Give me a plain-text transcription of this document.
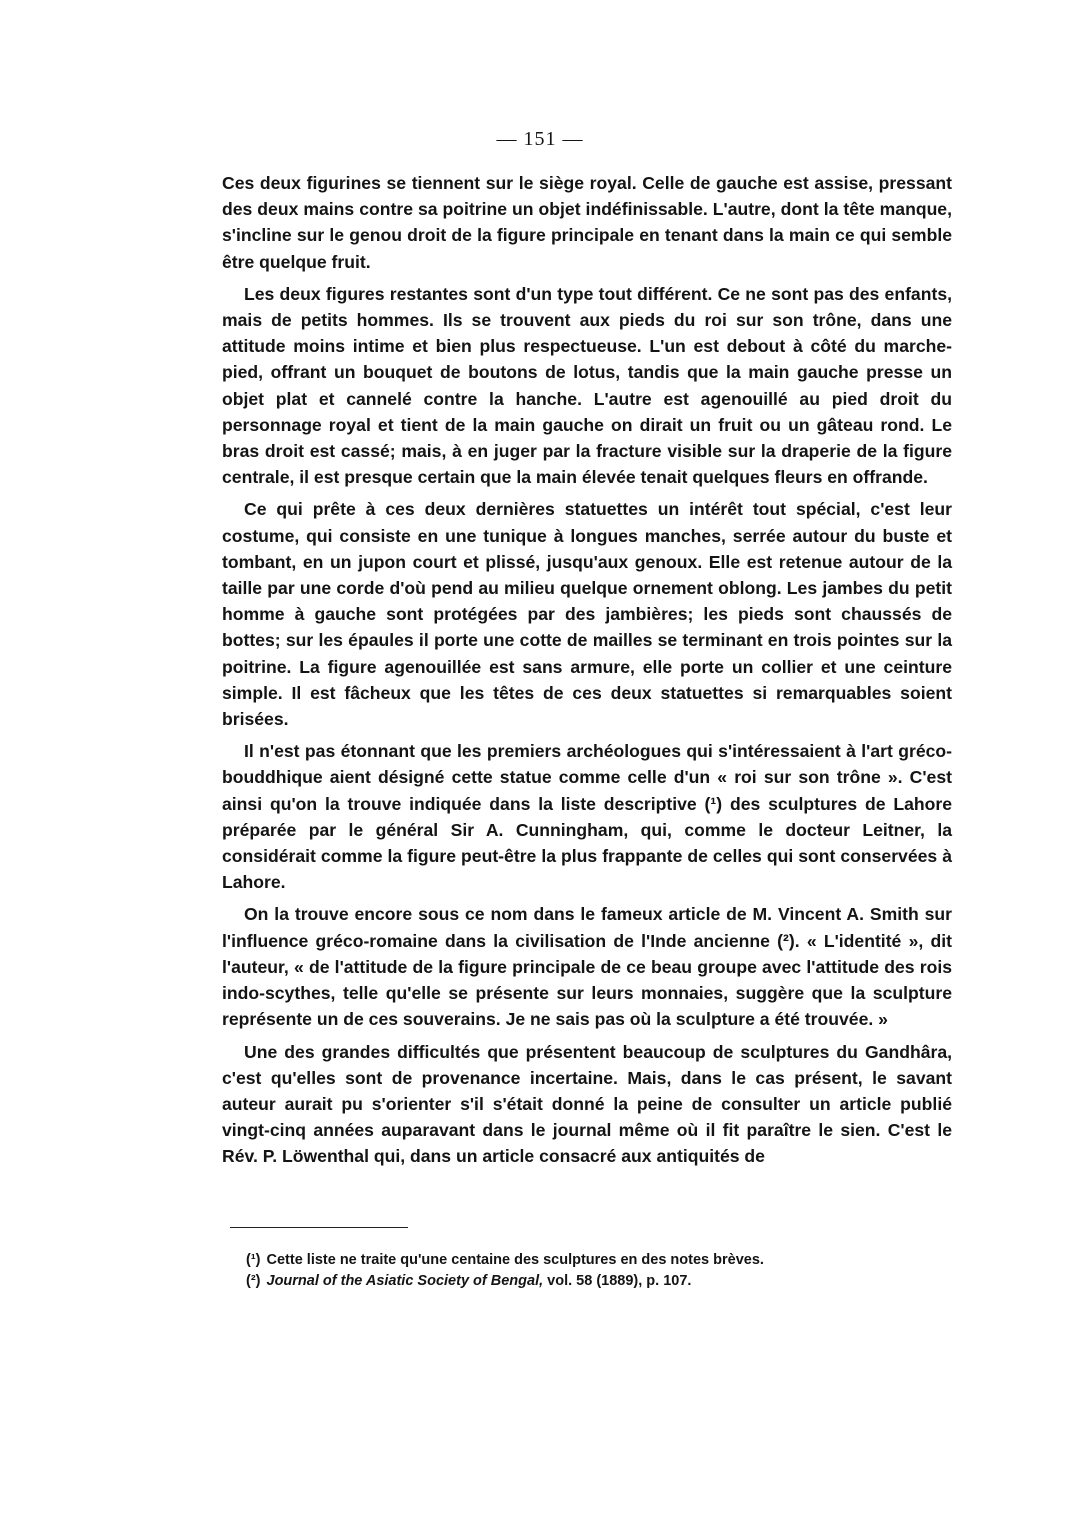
— 151 —

Ces deux figurines se tiennent sur le siège royal. Celle de gauche est assise, pressant des deux mains contre sa poitrine un objet indéfinissable. L'autre, dont la tête manque, s'incline sur le genou droit de la figure principale en tenant dans la main ce qui semble être quelque fruit.

Les deux figures restantes sont d'un type tout différent. Ce ne sont pas des enfants, mais de petits hommes. Ils se trouvent aux pieds du roi sur son trône, dans une attitude moins intime et bien plus respectueuse. L'un est debout à côté du marche-pied, offrant un bouquet de boutons de lotus, tandis que la main gauche presse un objet plat et cannelé contre la hanche. L'autre est agenouillé au pied droit du personnage royal et tient de la main gauche on dirait un fruit ou un gâteau rond. Le bras droit est cassé; mais, à en juger par la fracture visible sur la draperie de la figure centrale, il est presque certain que la main élevée tenait quelques fleurs en offrande.

Ce qui prête à ces deux dernières statuettes un intérêt tout spécial, c'est leur costume, qui consiste en une tunique à longues manches, serrée autour du buste et tombant, en un jupon court et plissé, jusqu'aux genoux. Elle est retenue autour de la taille par une corde d'où pend au milieu quelque ornement oblong. Les jambes du petit homme à gauche sont protégées par des jambières; les pieds sont chaussés de bottes; sur les épaules il porte une cotte de mailles se terminant en trois pointes sur la poitrine. La figure agenouillée est sans armure, elle porte un collier et une ceinture simple. Il est fâcheux que les têtes de ces deux statuettes si remarquables soient brisées.

Il n'est pas étonnant que les premiers archéologues qui s'intéressaient à l'art gréco-bouddhique aient désigné cette statue comme celle d'un « roi sur son trône ». C'est ainsi qu'on la trouve indiquée dans la liste descriptive (¹) des sculptures de Lahore préparée par le général Sir A. Cunningham, qui, comme le docteur Leitner, la considérait comme la figure peut-être la plus frappante de celles qui sont conservées à Lahore.

On la trouve encore sous ce nom dans le fameux article de M. Vincent A. Smith sur l'influence gréco-romaine dans la civilisation de l'Inde ancienne (²). « L'identité », dit l'auteur, « de l'attitude de la figure principale de ce beau groupe avec l'attitude des rois indo-scythes, telle qu'elle se présente sur leurs monnaies, suggère que la sculpture représente un de ces souverains. Je ne sais pas où la sculpture a été trouvée. »

Une des grandes difficultés que présentent beaucoup de sculptures du Gandhâra, c'est qu'elles sont de provenance incertaine. Mais, dans le cas présent, le savant auteur aurait pu s'orienter s'il s'était donné la peine de consulter un article publié vingt-cinq années auparavant dans le journal même où il fit paraître le sien. C'est le Rév. P. Löwenthal qui, dans un article consacré aux antiquités de

(¹) Cette liste ne traite qu'une centaine des sculptures en des notes brèves.

(²) Journal of the Asiatic Society of Bengal, vol. 58 (1889), p. 107.
